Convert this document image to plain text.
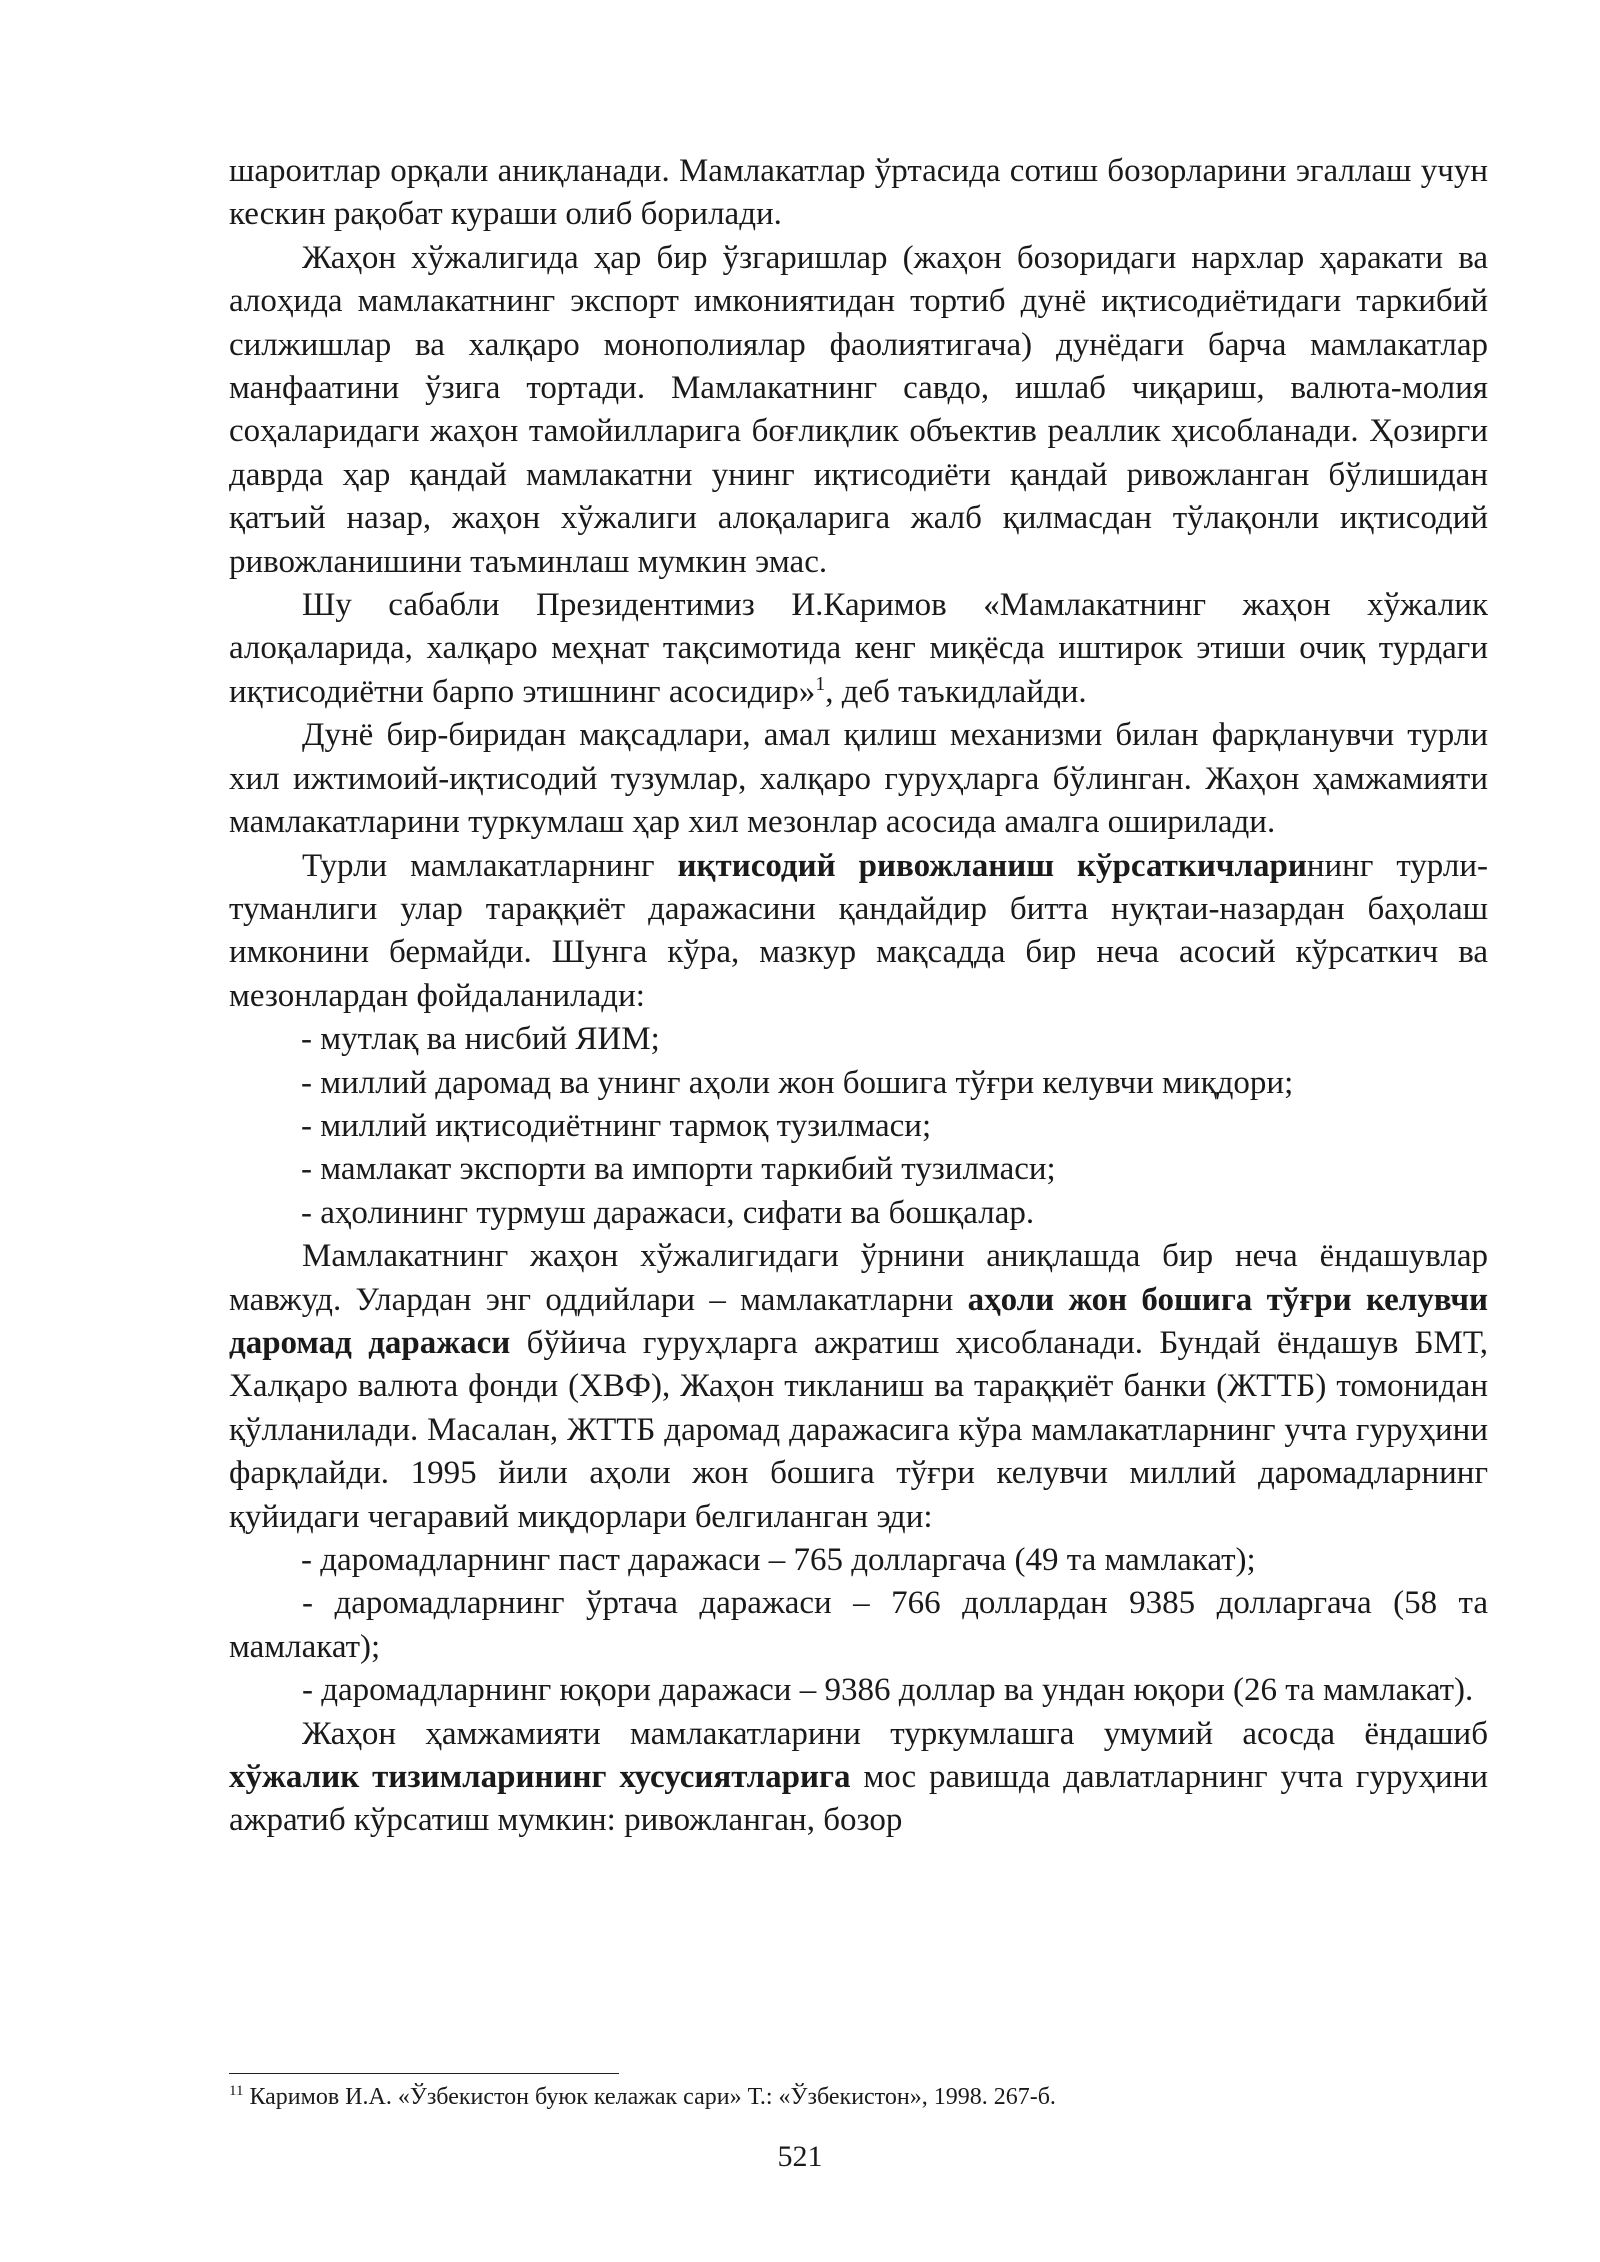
шароитлар орқали аниқланади. Мамлакатлар ўртасида сотиш бозорларини эгаллаш учун кескин рақобат кураши олиб борилади.

Жаҳон хўжалигида ҳар бир ўзгаришлар (жаҳон бозоридаги нархлар ҳаракати ва алоҳида мамлакатнинг экспорт имкониятидан тортиб дунё иқтисодиётидаги таркибий силжишлар ва халқаро монополиялар фаолиятигача) дунёдаги барча мамлакатлар манфаатини ўзига тортади. Мамлакатнинг савдо, ишлаб чиқариш, валюта-молия соҳаларидаги жаҳон тамойилларига боғлиқлик объектив реаллик ҳисобланади. Ҳозирги даврда ҳар қандай мамлакатни унинг иқтисодиёти қандай ривожланган бўлишидан қатъий назар, жаҳон хўжалиги алоқаларига жалб қилмасдан тўлақонли иқтисодий ривожланишини таъминлаш мумкин эмас.

Шу сабабли Президентимиз И.Каримов «Мамлакатнинг жаҳон хўжалик алоқаларида, халқаро меҳнат тақсимотида кенг миқёсда иштирок этиши очиқ турдаги иқтисодиётни барпо этишнинг асосидир»$^1$, деб таъкидлайди.

Дунё бир-биридан мақсадлари, амал қилиш механизми билан фарқланувчи турли хил ижтимоий-иқтисодий тузумлар, халқаро гуруҳларга бўлинган. Жаҳон ҳамжамияти мамлакатларини туркумлаш ҳар хил мезонлар асосида амалга оширилади.

Турли мамлакатларнинг иқтисодий ривожланиш кўрсаткичларининг турли-туманлиги улар тараққиёт даражасини қандайдир битта нуқтаи-назардан баҳолаш имконини бермайди. Шунга кўра, мазкур мақсадда бир неча асосий кўрсаткич ва мезонлардан фойдаланилади:

- мутлақ ва нисбий ЯИМ;

- миллий даромад ва унинг аҳоли жон бошига тўғри келувчи миқдори;

- миллий иқтисодиётнинг тармоқ тузилмаси;

- мамлакат экспорти ва импорти таркибий тузилмаси;

- аҳолининг турмуш даражаси, сифати ва бошқалар.

Мамлакатнинг жаҳон хўжалигидаги ўрнини аниқлашда бир неча ёндашувлар мавжуд. Улардан энг оддийлари – мамлакатларни аҳоли жон бошига тўғри келувчи даромад даражаси бўйича гуруҳларга ажратиш ҳисобланади. Бундай ёндашув БМТ, Халқаро валюта фонди (ХВФ), Жаҳон тикланиш ва тараққиёт банки (ЖТТБ) томонидан қўлланилади. Масалан, ЖТТБ даромад даражасига кўра мамлакатларнинг учта гуруҳини фарқлайди. 1995 йили аҳоли жон бошига тўғри келувчи миллий даромадларнинг қуйидаги чегаравий миқдорлари белгиланган эди:

- даромадларнинг паст даражаси – 765 долларгача (49 та мамлакат);

- даромадларнинг ўртача даражаси – 766 доллардан 9385 долларгача (58 та мамлакат);

- даромадларнинг юқори даражаси – 9386 доллар ва ундан юқори (26 та мамлакат).

Жаҳон ҳамжамияти мамлакатларини туркумлашга умумий асосда ёндашиб хўжалик тизимларининг хусусиятларига мос равишда давлатларнинг учта гуруҳини ажратиб кўрсатиш мумкин: ривожланган, бозор

$^{11}$ Каримов И.А. «Ўзбекистон буюк келажак сари» Т.: «Ўзбекистон», 1998. 267-б.
521
